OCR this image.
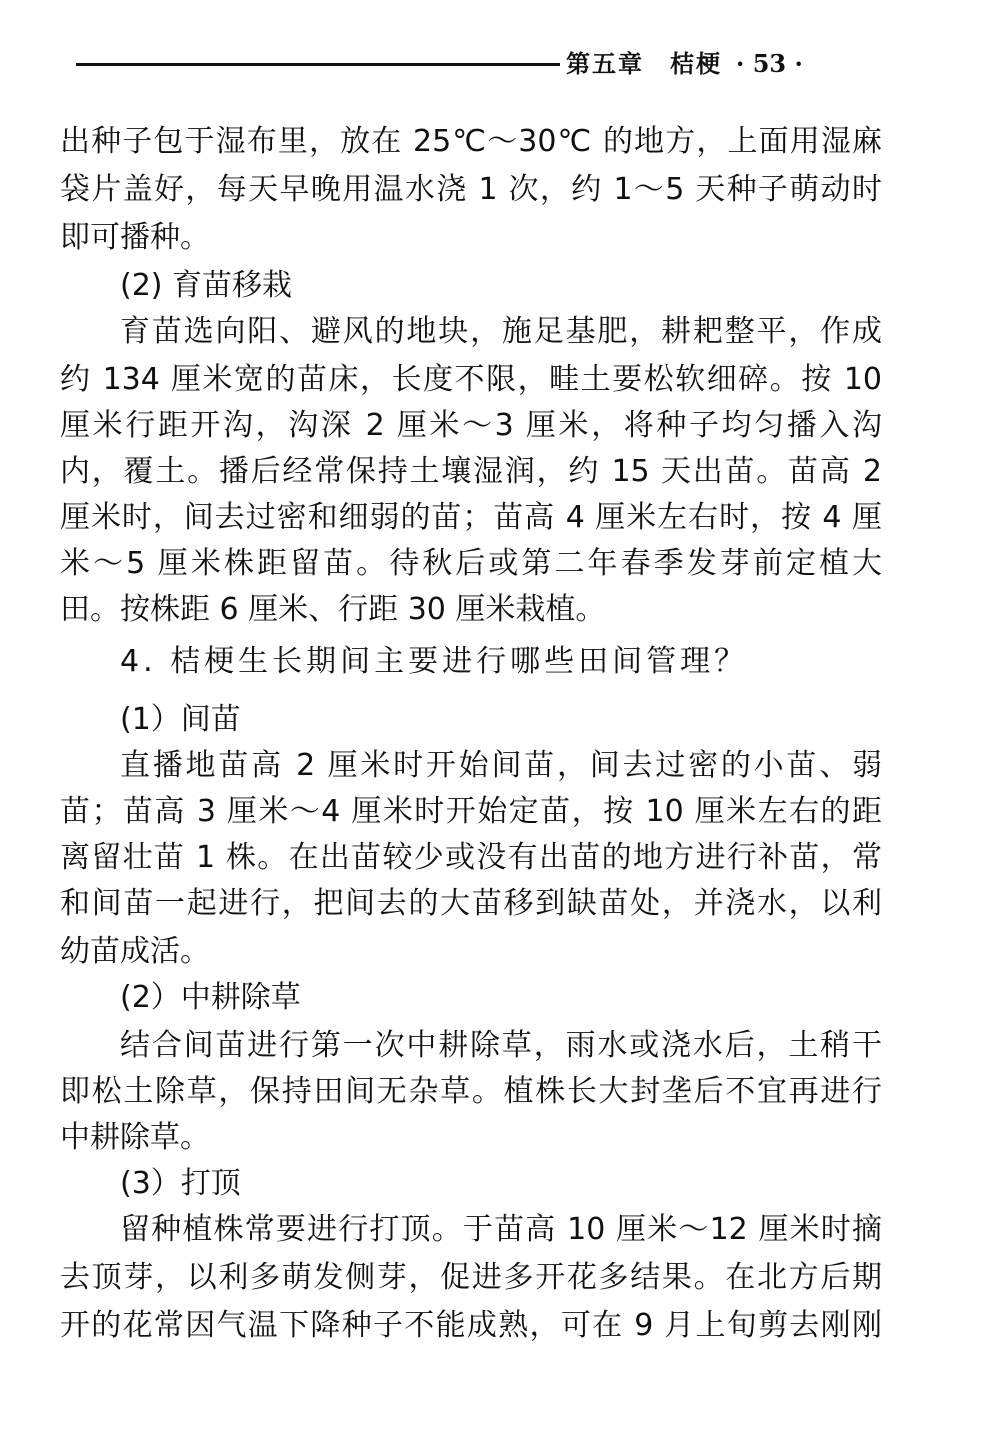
第五章　桔梗 · 53 ·
出种子包于湿布里，放在 25℃～30℃ 的地方，上面用湿麻
袋片盖好，每天早晚用温水浇 1 次，约 1～5 天种子萌动时
即可播种。
(2) 育苗移栽
育苗选向阳、避风的地块，施足基肥，耕耙整平，作成
约 134 厘米宽的苗床，长度不限，畦土要松软细碎。按 10
厘米行距开沟，沟深 2 厘米～3 厘米，将种子均匀播入沟
内，覆土。播后经常保持土壤湿润，约 15 天出苗。苗高 2
厘米时，间去过密和细弱的苗；苗高 4 厘米左右时，按 4 厘
米～5 厘米株距留苗。待秋后或第二年春季发芽前定植大
田。按株距 6 厘米、行距 30 厘米栽植。
4. 桔梗生长期间主要进行哪些田间管理？
(1）间苗
直播地苗高 2 厘米时开始间苗，间去过密的小苗、弱
苗；苗高 3 厘米～4 厘米时开始定苗，按 10 厘米左右的距
离留壮苗 1 株。在出苗较少或没有出苗的地方进行补苗，常
和间苗一起进行，把间去的大苗移到缺苗处，并浇水，以利
幼苗成活。
(2）中耕除草
结合间苗进行第一次中耕除草，雨水或浇水后，土稍干
即松土除草，保持田间无杂草。植株长大封垄后不宜再进行
中耕除草。
(3）打顶
留种植株常要进行打顶。于苗高 10 厘米～12 厘米时摘
去顶芽，以利多萌发侧芽，促进多开花多结果。在北方后期
开的花常因气温下降种子不能成熟，可在 9 月上旬剪去刚刚
